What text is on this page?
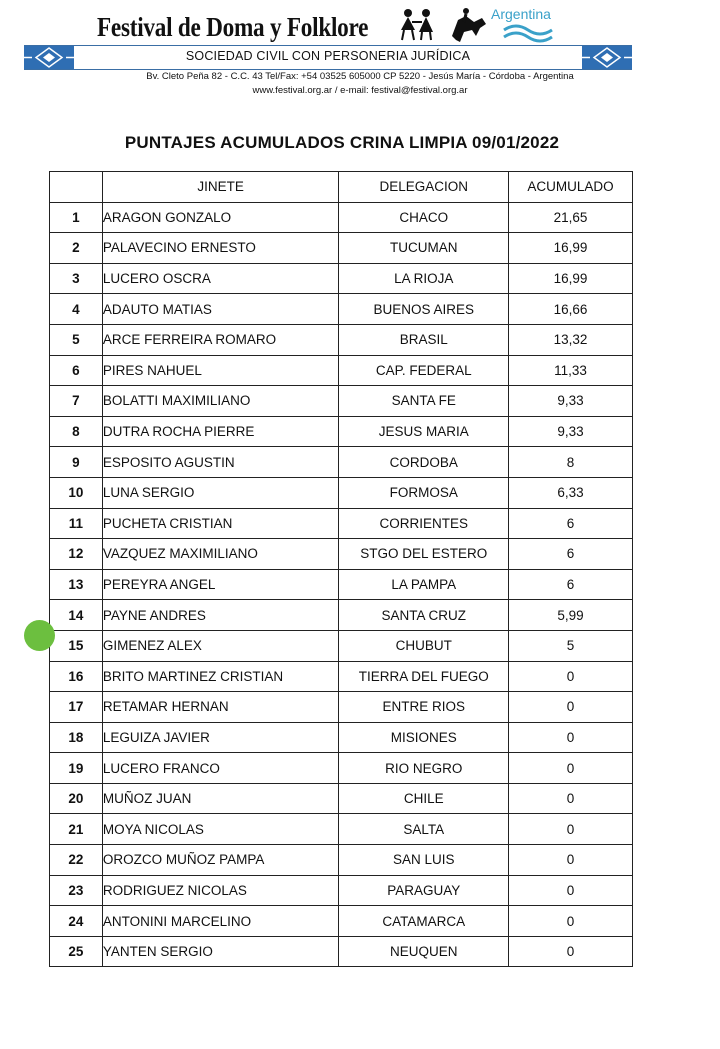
Festival de Doma y Folklore	Argentina
SOCIEDAD CIVIL CON PERSONERIA JURÍDICA
Bv. Cleto Peña 82 - C.C. 43 Tel/Fax: +54 03525 605000 CP 5220 - Jesús María - Córdoba - Argentina
www.festival.org.ar / e-mail: festival@festival.org.ar
PUNTAJES ACUMULADOS CRINA LIMPIA 09/01/2022
	JINETE	DELEGACION	ACUMULADO
1	ARAGON GONZALO	CHACO	21,65
2	PALAVECINO ERNESTO	TUCUMAN	16,99
3	LUCERO OSCRA	LA RIOJA	16,99
4	ADAUTO MATIAS	BUENOS AIRES	16,66
5	ARCE FERREIRA ROMARO	BRASIL	13,32
6	PIRES NAHUEL	CAP. FEDERAL	11,33
7	BOLATTI MAXIMILIANO	SANTA FE	9,33
8	DUTRA ROCHA PIERRE	JESUS MARIA	9,33
9	ESPOSITO AGUSTIN	CORDOBA	8
10	LUNA SERGIO	FORMOSA	6,33
11	PUCHETA CRISTIAN	CORRIENTES	6
12	VAZQUEZ MAXIMILIANO	STGO DEL ESTERO	6
13	PEREYRA ANGEL	LA PAMPA	6
14	PAYNE ANDRES	SANTA CRUZ	5,99
15	GIMENEZ ALEX	CHUBUT	5
16	BRITO MARTINEZ CRISTIAN	TIERRA DEL FUEGO	0
17	RETAMAR HERNAN	ENTRE RIOS	0
18	LEGUIZA JAVIER	MISIONES	0
19	LUCERO FRANCO	RIO NEGRO	0
20	MUÑOZ JUAN	CHILE	0
21	MOYA NICOLAS	SALTA	0
22	OROZCO MUÑOZ PAMPA	SAN LUIS	0
23	RODRIGUEZ NICOLAS	PARAGUAY	0
24	ANTONINI MARCELINO	CATAMARCA	0
25	YANTEN SERGIO	NEUQUEN	0
